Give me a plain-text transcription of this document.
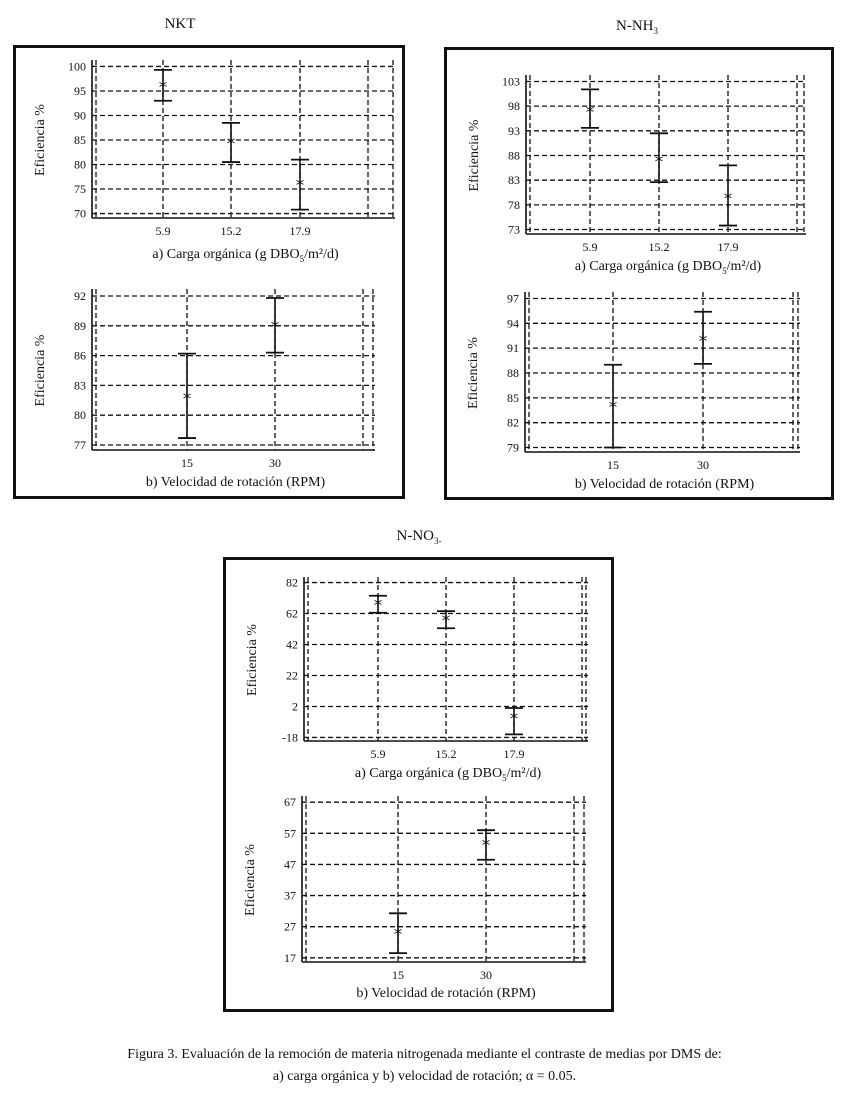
NKT	$N-NH_3$
$N-NO_{3-}$
70
75
80
85
90
95
100
5.9	15.2	17.9
Eficiencia %
a) Carga orgánica (g $DBO_5/m^2/d$)
*
*
*
77
80
83
86
89
92
15	30
Eficiencia %
b) Velocidad de rotación (RPM)
*
*
73
78
83
88
93
98
103
5.9	15.2	17.9
Eficiencia %
a) Carga orgánica (g $DBO_5/m^2/d$)
*
*
*
79
82
85
88
91
94
97
15	30
Eficiencia %
b) Velocidad de rotación (RPM)
*
*
-18
2
22
42
62
82
5.9	15.2	17.9
Eficiencia %
a) Carga orgánica (g $DBO_5/m^2/d$)
*
*
*
17
27
37
47
57
67
15	30
Eficiencia %
b) Velocidad de rotación (RPM)
*
*
Figura 3. Evaluación de la remoción de materia nitrogenada mediante el contraste de medias por DMS de:
a) carga orgánica y b) velocidad de rotación; α = 0.05.
